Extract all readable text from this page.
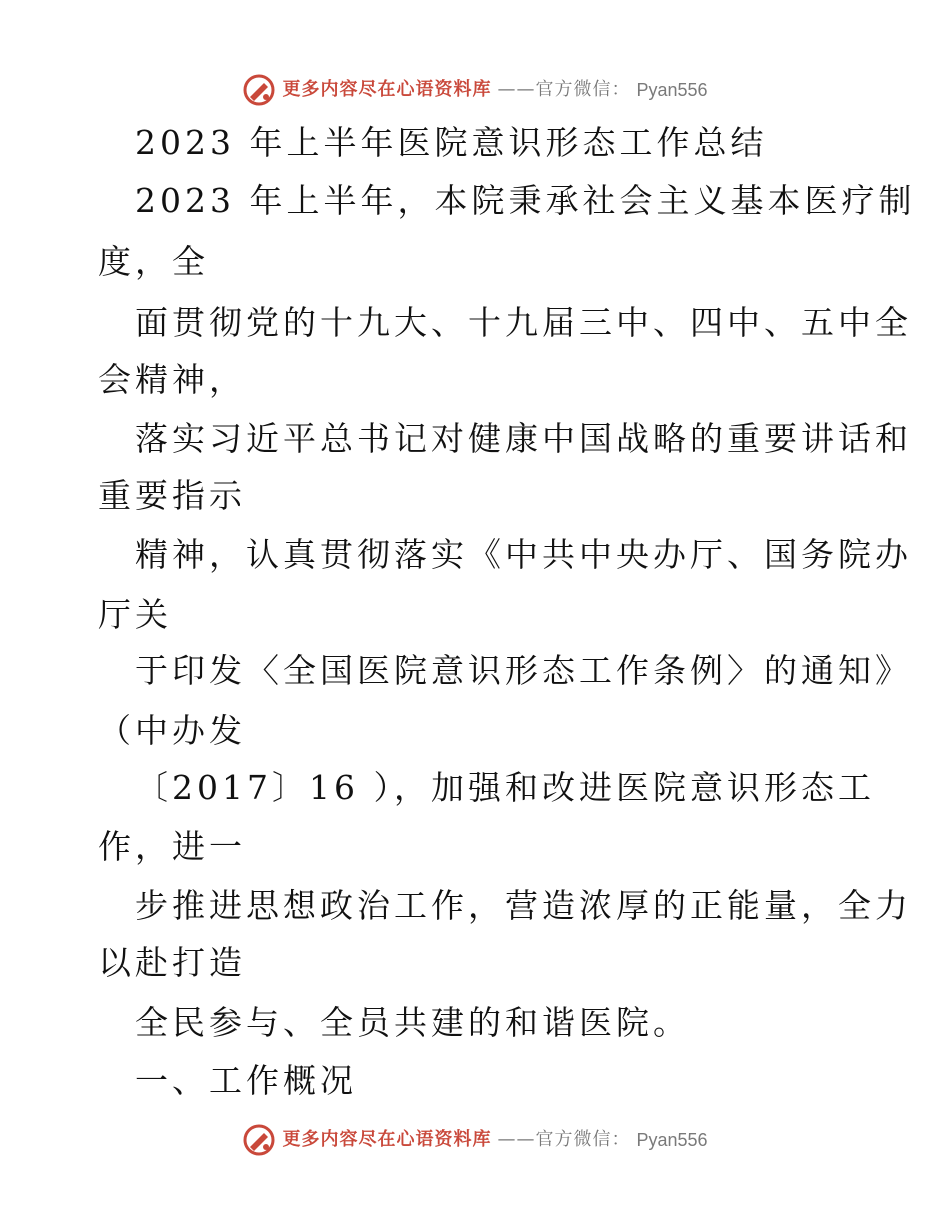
更多内容尽在心语资料库 ——官方微信： Pyan556
2023 年上半年医院意识形态工作总结
2023 年上半年，本院秉承社会主义基本医疗制
度，全
面贯彻党的十九大、十九届三中、四中、五中全
会精神，
落实习近平总书记对健康中国战略的重要讲话和
重要指示
精神，认真贯彻落实《中共中央办厅、国务院办
厅关
于印发〈全国医院意识形态工作条例〉的通知》
（中办发
〔2017〕16 ），加强和改进医院意识形态工
作，进一
步推进思想政治工作，营造浓厚的正能量，全力
以赴打造
全民参与、全员共建的和谐医院。
一、工作概况
更多内容尽在心语资料库 ——官方微信： Pyan556
